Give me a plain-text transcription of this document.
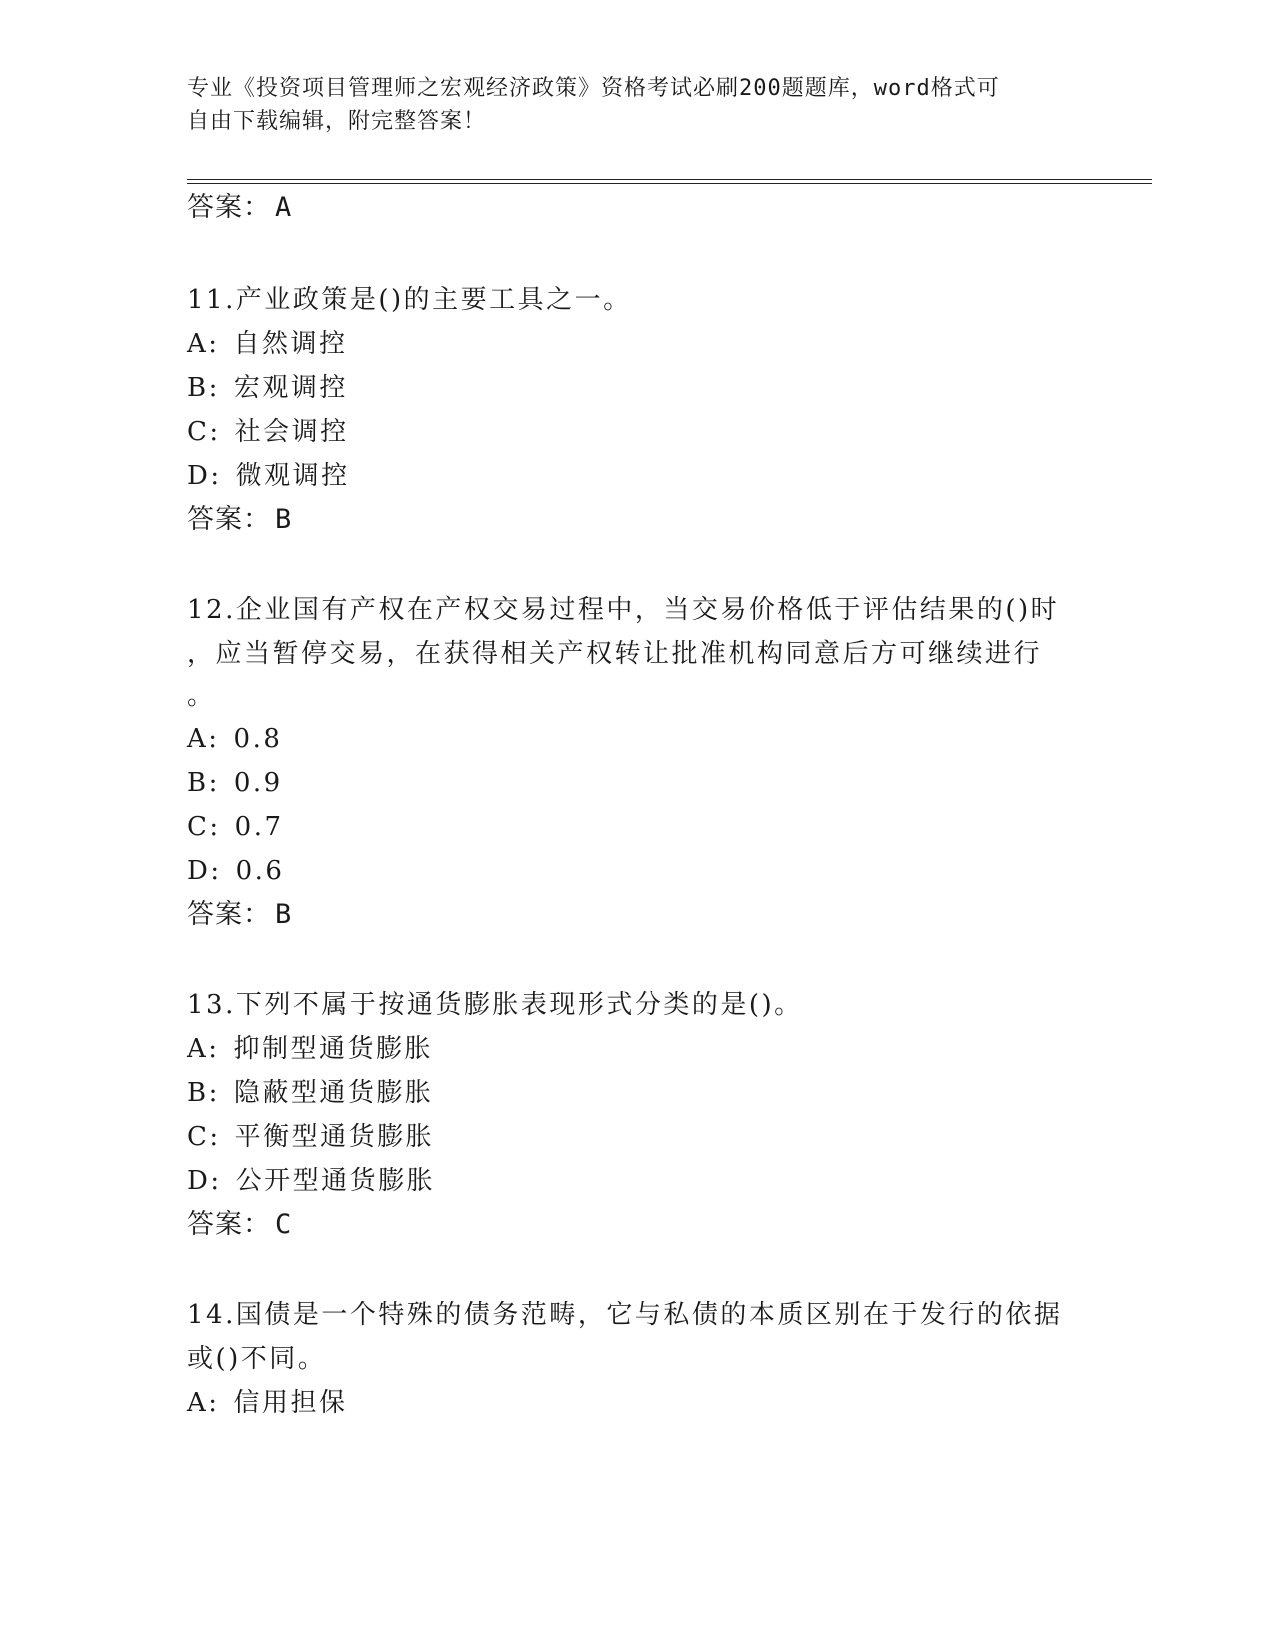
专业《投资项目管理师之宏观经济政策》资格考试必刷200题题库，word格式可
自由下载编辑，附完整答案！
答案： A
11.产业政策是()的主要工具之一。
A: 自然调控
B: 宏观调控
C: 社会调控
D: 微观调控
答案： B
12.企业国有产权在产权交易过程中，当交易价格低于评估结果的()时
，应当暂停交易，在获得相关产权转让批准机构同意后方可继续进行
。
A: 0.8
B: 0.9
C: 0.7
D: 0.6
答案： B
13.下列不属于按通货膨胀表现形式分类的是()。
A: 抑制型通货膨胀
B: 隐蔽型通货膨胀
C: 平衡型通货膨胀
D: 公开型通货膨胀
答案： C
14.国债是一个特殊的债务范畴，它与私债的本质区别在于发行的依据
或()不同。
A: 信用担保
